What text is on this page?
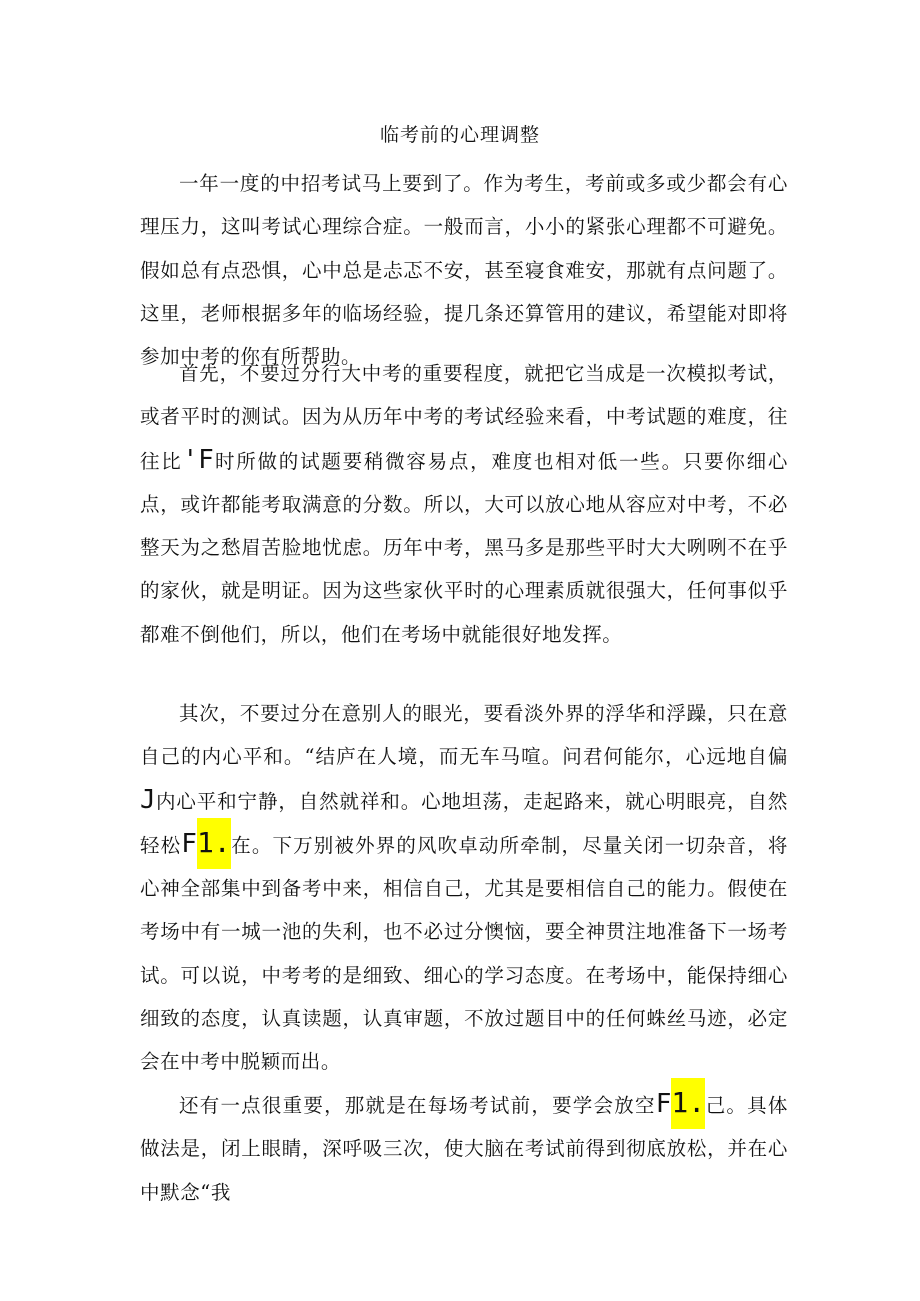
临考前的心理调整

一年一度的中招考试马上要到了。作为考生，考前或多或少都会有心理压力，这叫考试心理综合症。一般而言，小小的紧张心理都不可避免。假如总有点恐惧，心中总是忐忑不安，甚至寝食难安，那就有点问题了。这里，老师根据多年的临场经验，提几条还算管用的建议，希望能对即将参加中考的你有所帮助。

首先，不要过分行大中考的重要程度，就把它当成是一次模拟考试，或者平时的测试。因为从历年中考的考试经验来看，中考试题的难度，往往比'F时所做的试题要稍微容易点，难度也相对低一些。只要你细心点，或许都能考取满意的分数。所以，大可以放心地从容应对中考，不必整天为之愁眉苦脸地忧虑。历年中考，黑马多是那些平时大大咧咧不在乎的家伙，就是明证。因为这些家伙平时的心理素质就很强大，任何事似乎都难不倒他们，所以，他们在考场中就能很好地发挥。

其次，不要过分在意别人的眼光，要看淡外界的浮华和浮躁，只在意自己的内心平和。“结庐在人境，而无车马喧。问君何能尔，心远地自偏J内心平和宁静，自然就祥和。心地坦荡，走起路来，就心明眼亮，自然轻松F1.在。下万别被外界的风吹卓动所牵制，尽量关闭一切杂音，将心神全部集中到备考中来，相信自己，尤其是要相信自己的能力。假使在考场中有一城一池的失利，也不必过分懊恼，要全神贯注地准备下一场考试。可以说，中考考的是细致、细心的学习态度。在考场中，能保持细心细致的态度，认真读题，认真审题，不放过题目中的任何蛛丝马迹，必定会在中考中脱颖而出。

还有一点很重要，那就是在每场考试前，要学会放空F1.己。具体做法是，闭上眼睛，深呼吸三次，使大脑在考试前得到彻底放松，并在心中默念“我
